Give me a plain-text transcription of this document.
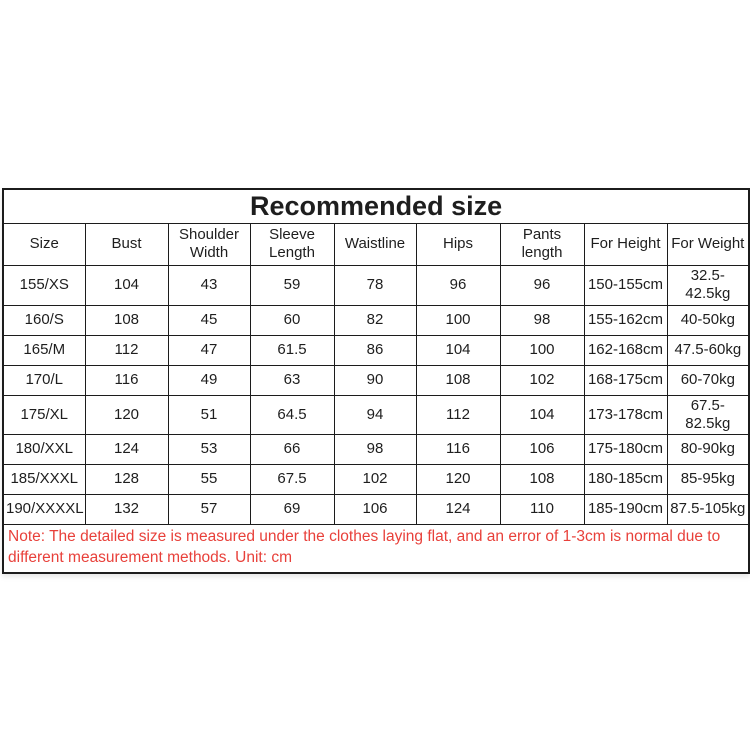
Recommended size								
Size	Bust	Shoulder Width	Sleeve Length	Waistline	Hips	Pants length	For Height	For Weight
155/XS	104	43	59	78	96	96	150-155cm	32.5-42.5kg
160/S	108	45	60	82	100	98	155-162cm	40-50kg
165/M	112	47	61.5	86	104	100	162-168cm	47.5-60kg
170/L	116	49	63	90	108	102	168-175cm	60-70kg
175/XL	120	51	64.5	94	112	104	173-178cm	67.5-82.5kg
180/XXL	124	53	66	98	116	106	175-180cm	80-90kg
185/XXXL	128	55	67.5	102	120	108	180-185cm	85-95kg
190/XXXXL	132	57	69	106	124	110	185-190cm	87.5-105kg
Note: The detailed size is measured under the clothes laying flat, and an error of 1-3cm is normal due to different measurement methods. Unit: cm								
